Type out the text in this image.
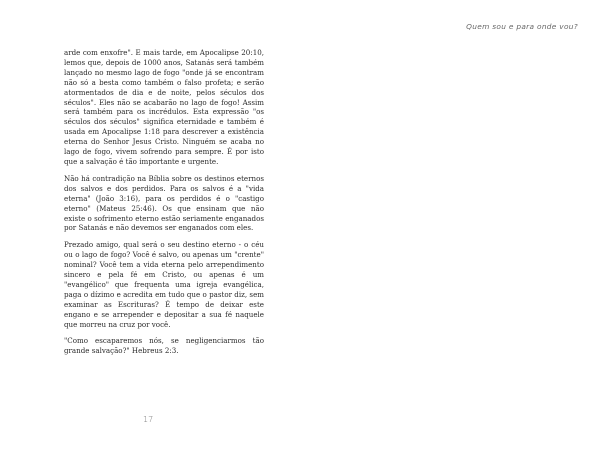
Quem sou e para onde vou?

arde com enxofre". E mais tarde, em Apocalipse 20:10, lemos que, depois de 1000 anos, Satanás será também lançado no mesmo lago de fogo "onde já se encontram não só a besta como também o falso profeta; e serão atormentados de dia e de noite, pelos séculos dos séculos". Eles não se acabarão no lago de fogo! Assim será também para os incrédulos. Esta expressão "os séculos dos séculos" significa eternidade e também é usada em Apocalipse 1:18 para descrever a existência eterna do Senhor Jesus Cristo. Ninguém se acaba no lago de fogo, vivem sofrendo para sempre. É por isto que a salvação é tão importante e urgente.

Não há contradição na Bíblia sobre os destinos eternos dos salvos e dos perdidos. Para os salvos é a "vida eterna" (João 3:16), para os perdidos é o "castigo eterno" (Mateus 25:46). Os que ensinam que não existe o sofrimento eterno estão seriamente enganados por Satanás e não devemos ser enganados com eles.

Prezado amigo, qual será o seu destino eterno - o céu ou o lago de fogo? Você é salvo, ou apenas um "crente" nominal? Você tem a vida eterna pelo arrependimento sincero e pela fé em Cristo, ou apenas é um "evangélico" que frequenta uma igreja evangélica, paga o dízimo e acredita em tudo que o pastor diz, sem examinar as Escrituras? É tempo de deixar este engano e se arrepender e depositar a sua fé naquele que morreu na cruz por você.

"Como escaparemos nós, se negligenciarmos tão grande salvação?" Hebreus 2:3.

17
